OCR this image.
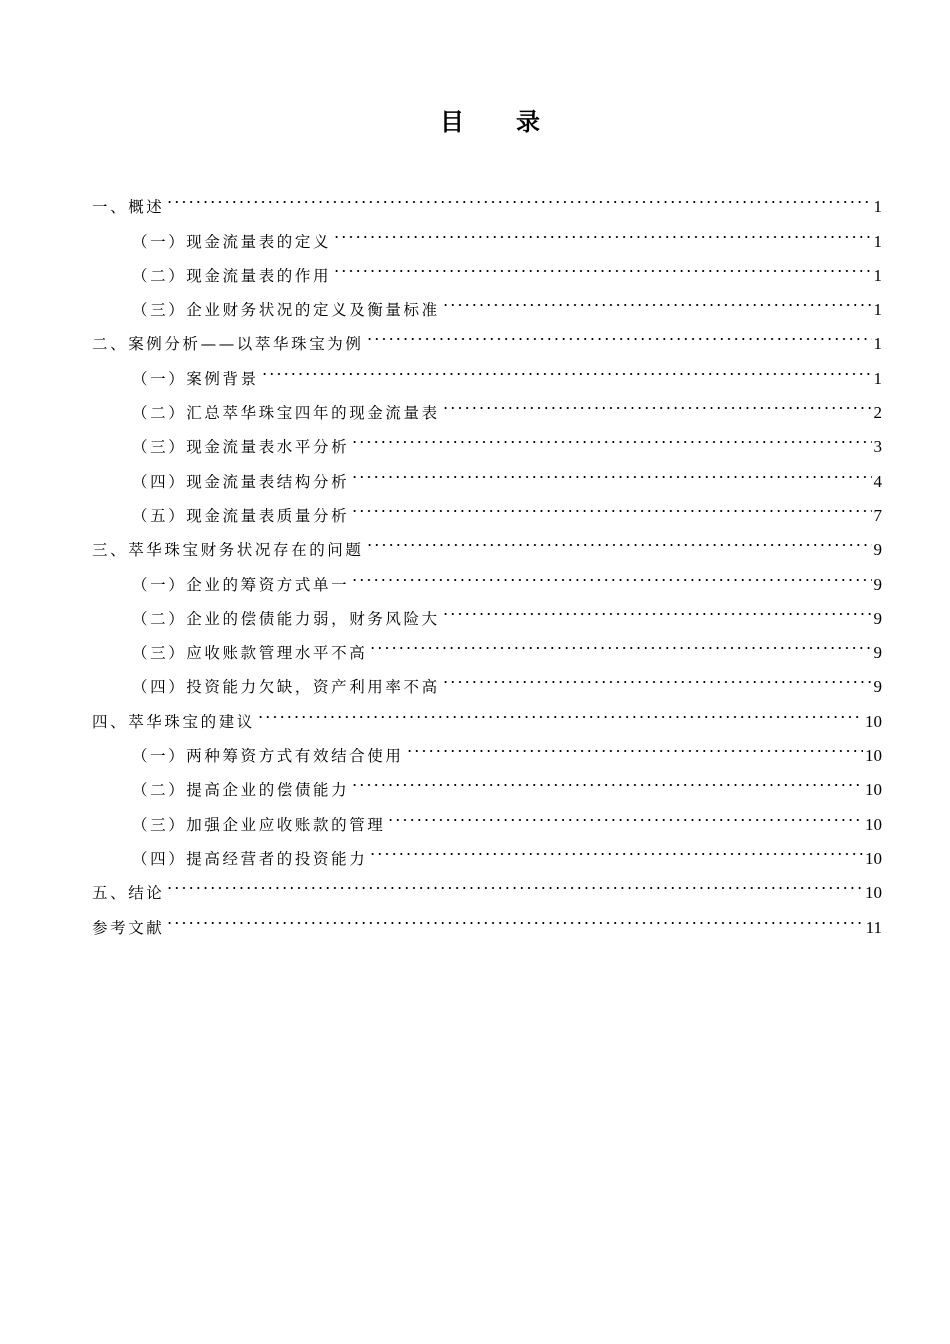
目 录
一、概述	1
（一）现金流量表的定义	1
（二）现金流量表的作用	1
（三）企业财务状况的定义及衡量标准	1
二、案例分析——以萃华珠宝为例	1
（一）案例背景	1
（二）汇总萃华珠宝四年的现金流量表	2
（三）现金流量表水平分析	3
（四）现金流量表结构分析	4
（五）现金流量表质量分析	7
三、萃华珠宝财务状况存在的问题	9
（一）企业的筹资方式单一	9
（二）企业的偿债能力弱，财务风险大	9
（三）应收账款管理水平不高	9
（四）投资能力欠缺，资产利用率不高	9
四、萃华珠宝的建议	10
（一）两种筹资方式有效结合使用	10
（二）提高企业的偿债能力	10
（三）加强企业应收账款的管理	10
（四）提高经营者的投资能力	10
五、结论	10
参考文献	11
